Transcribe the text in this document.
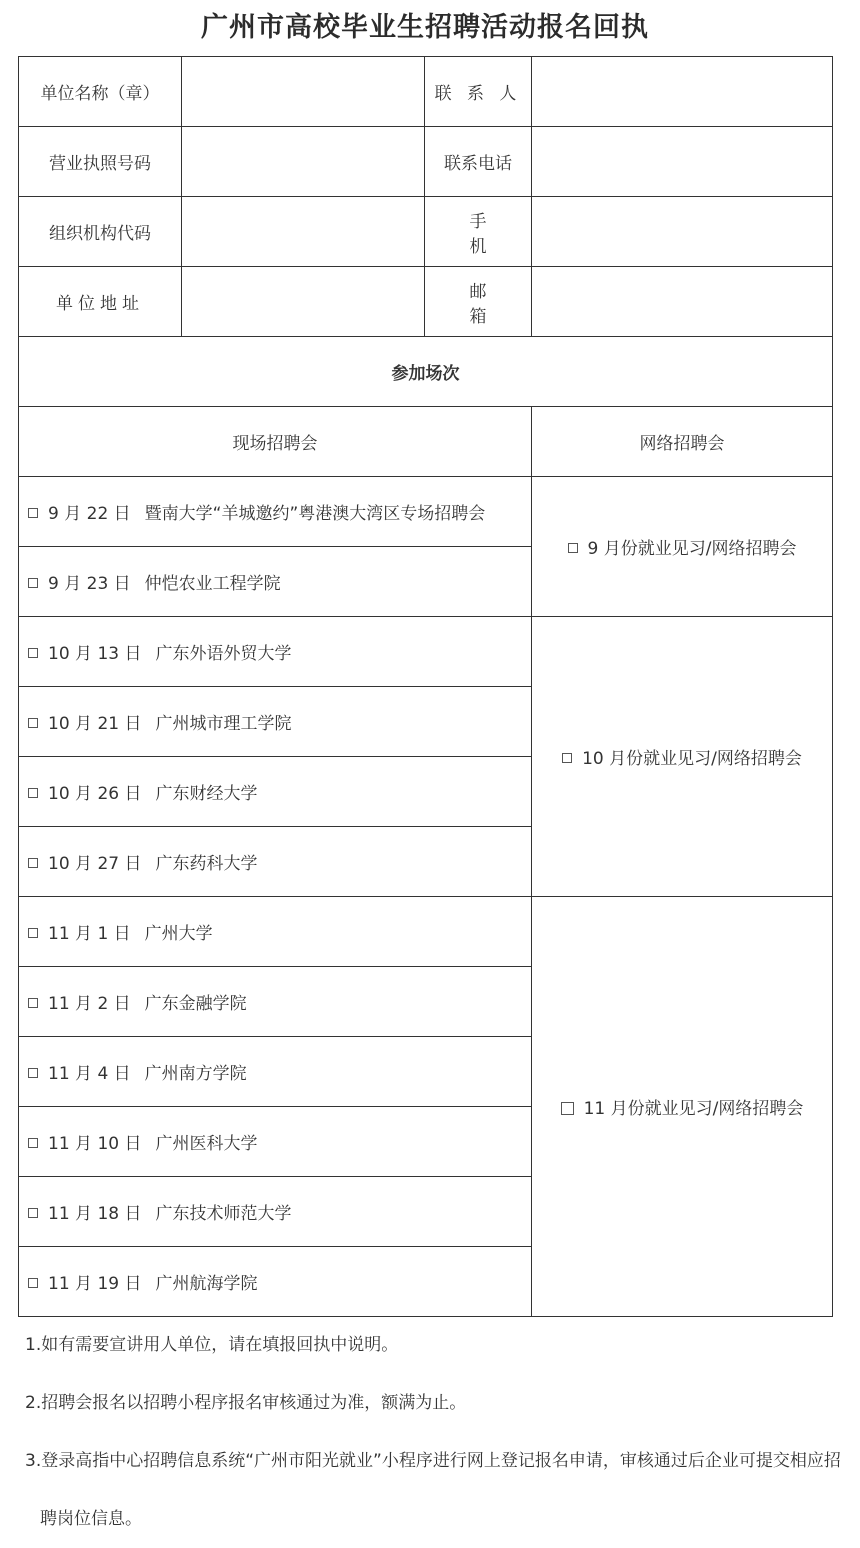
广州市高校毕业生招聘活动报名回执
单位名称（章）		联 系 人	
营业执照号码		联系电话	
组织机构代码		手 机	
单位地址		邮 箱	
参加场次			
现场招聘会			网络招聘会
9 月 22 日 暨南大学“羊城邀约”粤港澳大湾区专场招聘会			9 月份就业见习/网络招聘会
9 月 23 日 仲恺农业工程学院			
10 月 13 日 广东外语外贸大学			10 月份就业见习/网络招聘会
10 月 21 日 广州城市理工学院			
10 月 26 日 广东财经大学			
10 月 27 日 广东药科大学			
11 月 1 日 广州大学			11 月份就业见习/网络招聘会
11 月 2 日 广东金融学院			
11 月 4 日 广州南方学院			
11 月 10 日 广州医科大学			
11 月 18 日 广东技术师范大学			
11 月 19 日 广州航海学院			
1.如有需要宣讲用人单位，请在填报回执中说明。
2.招聘会报名以招聘小程序报名审核通过为准，额满为止。
3.登录高指中心招聘信息系统“广州市阳光就业”小程序进行网上登记报名申请，审核通过后企业可提交相应招聘岗位信息。
